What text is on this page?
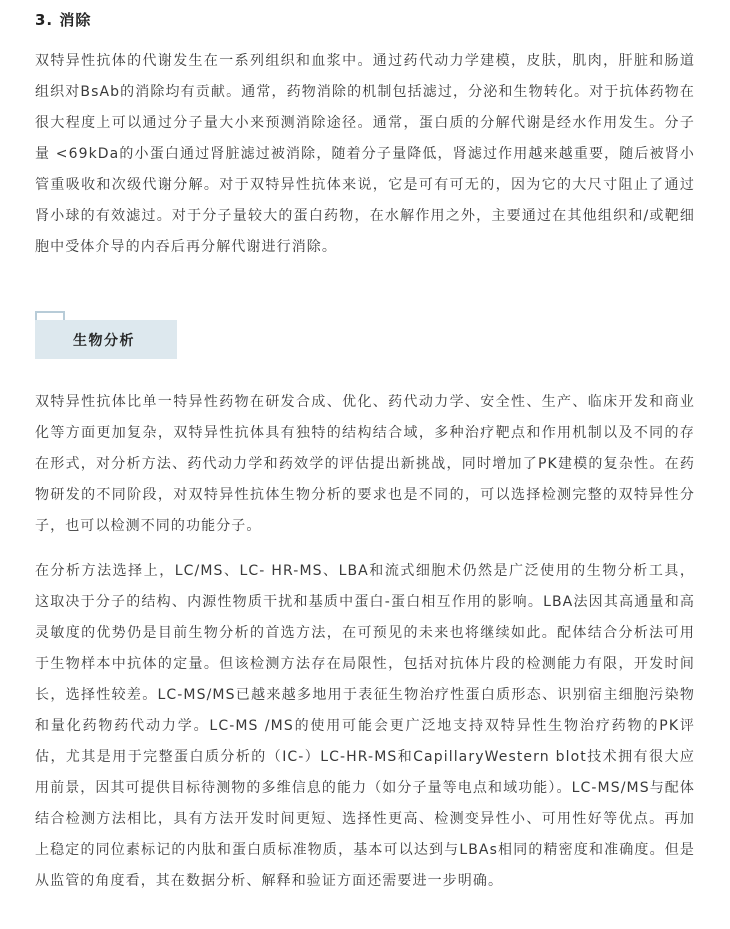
3. 消除

双特异性抗体的代谢发生在一系列组织和血浆中。通过药代动力学建模，皮肤，肌肉，肝脏和肠道组织对BsAb的消除均有贡献。通常，药物消除的机制包括滤过，分泌和生物转化。对于抗体药物在很大程度上可以通过分子量大小来预测消除途径。通常，蛋白质的分解代谢是经水作用发生。分子量 <69kDa的小蛋白通过肾脏滤过被消除，随着分子量降低，肾滤过作用越来越重要，随后被肾小管重吸收和次级代谢分解。对于双特异性抗体来说，它是可有可无的，因为它的大尺寸阻止了通过肾小球的有效滤过。对于分子量较大的蛋白药物，在水解作用之外，主要通过在其他组织和/或靶细胞中受体介导的内吞后再分解代谢进行消除。

生物分析

双特异性抗体比单一特异性药物在研发合成、优化、药代动力学、安全性、生产、临床开发和商业化等方面更加复杂，双特异性抗体具有独特的结构结合域，多种治疗靶点和作用机制以及不同的存在形式，对分析方法、药代动力学和药效学的评估提出新挑战，同时增加了PK建模的复杂性。在药物研发的不同阶段，对双特异性抗体生物分析的要求也是不同的，可以选择检测完整的双特异性分子，也可以检测不同的功能分子。

在分析方法选择上，LC/MS、LC- HR-MS、LBA和流式细胞术仍然是广泛使用的生物分析工具，这取决于分子的结构、内源性物质干扰和基质中蛋白-蛋白相互作用的影响。LBA法因其高通量和高灵敏度的优势仍是目前生物分析的首选方法，在可预见的未来也将继续如此。配体结合分析法可用于生物样本中抗体的定量。但该检测方法存在局限性，包括对抗体片段的检测能力有限，开发时间长，选择性较差。LC-MS/MS已越来越多地用于表征生物治疗性蛋白质形态、识别宿主细胞污染物和量化药物药代动力学。LC-MS /MS的使用可能会更广泛地支持双特异性生物治疗药物的PK评估，尤其是用于完整蛋白质分析的（IC-）LC-HR-MS和CapillaryWestern blot技术拥有很大应用前景，因其可提供目标待测物的多维信息的能力（如分子量等电点和域功能）。LC-MS/MS与配体结合检测方法相比，具有方法开发时间更短、选择性更高、检测变异性小、可用性好等优点。再加上稳定的同位素标记的内肽和蛋白质标准物质，基本可以达到与LBAs相同的精密度和准确度。但是从监管的角度看，其在数据分析、解释和验证方面还需要进一步明确。
